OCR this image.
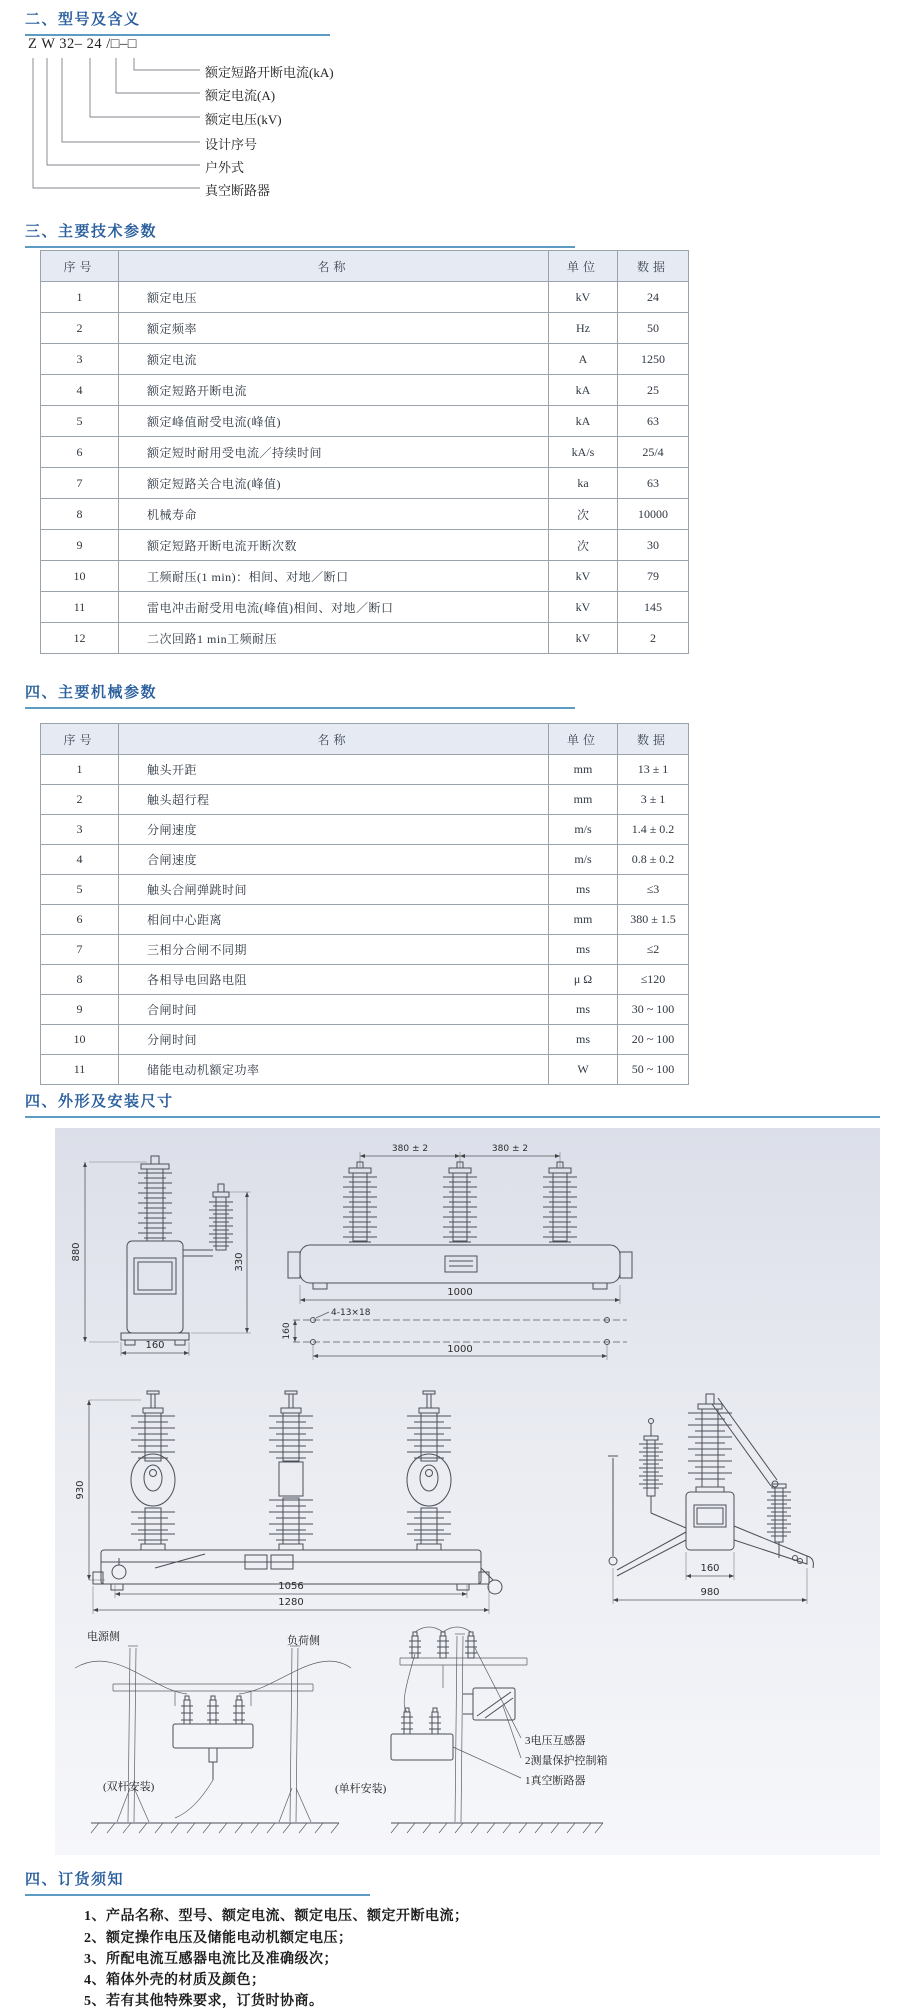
二、型号及含义
Z W 32– 24 /□–□
额定短路开断电流(kA)
额定电流(A)
额定电压(kV)
设计序号
户外式
真空断路器
三、主要技术参数
序号	名称	单位	数据
1	额定电压	kV	24
2	额定频率	Hz	50
3	额定电流	A	1250
4	额定短路开断电流	kA	25
5	额定峰值耐受电流(峰值)	kA	63
6	额定短时耐用受电流／持续时间	kA/s	25/4
7	额定短路关合电流(峰值)	ka	63
8	机械寿命	次	10000
9	额定短路开断电流开断次数	次	30
10	工频耐压(1 min)：相间、对地／断口	kV	79
11	雷电冲击耐受用电流(峰值)相间、对地／断口	kV	145
12	二次回路1 min工频耐压	kV	2
四、主要机械参数
序号	名称	单位	数据
1	触头开距	mm	13 ± 1
2	触头超行程	mm	3 ± 1
3	分闸速度	m/s	1.4 ± 0.2
4	合闸速度	m/s	0.8 ± 0.2
5	触头合闸弹跳时间	ms	≤3
6	相间中心距离	mm	380 ± 1.5
7	三相分合闸不同期	ms	≤2
8	各相导电回路电阻	μ Ω	≤120
9	合闸时间	ms	30 ~ 100
10	分闸时间	ms	20 ~ 100
11	储能电动机额定功率	W	50 ~ 100
四、外形及安装尺寸
880
330
160
380 ± 2	380 ± 2
1000
4-13×18
160
1000
930
1056
1280
160
980
电源侧	负荷侧
(双杆安装)	(单杆安装)
3电压互感器
2测量保护控制箱
1真空断路器
四、订货须知
1、产品名称、型号、额定电流、额定电压、额定开断电流；
2、额定操作电压及储能电动机额定电压；
3、所配电流互感器电流比及准确级次；
4、箱体外壳的材质及颜色；
5、若有其他特殊要求，订货时协商。
